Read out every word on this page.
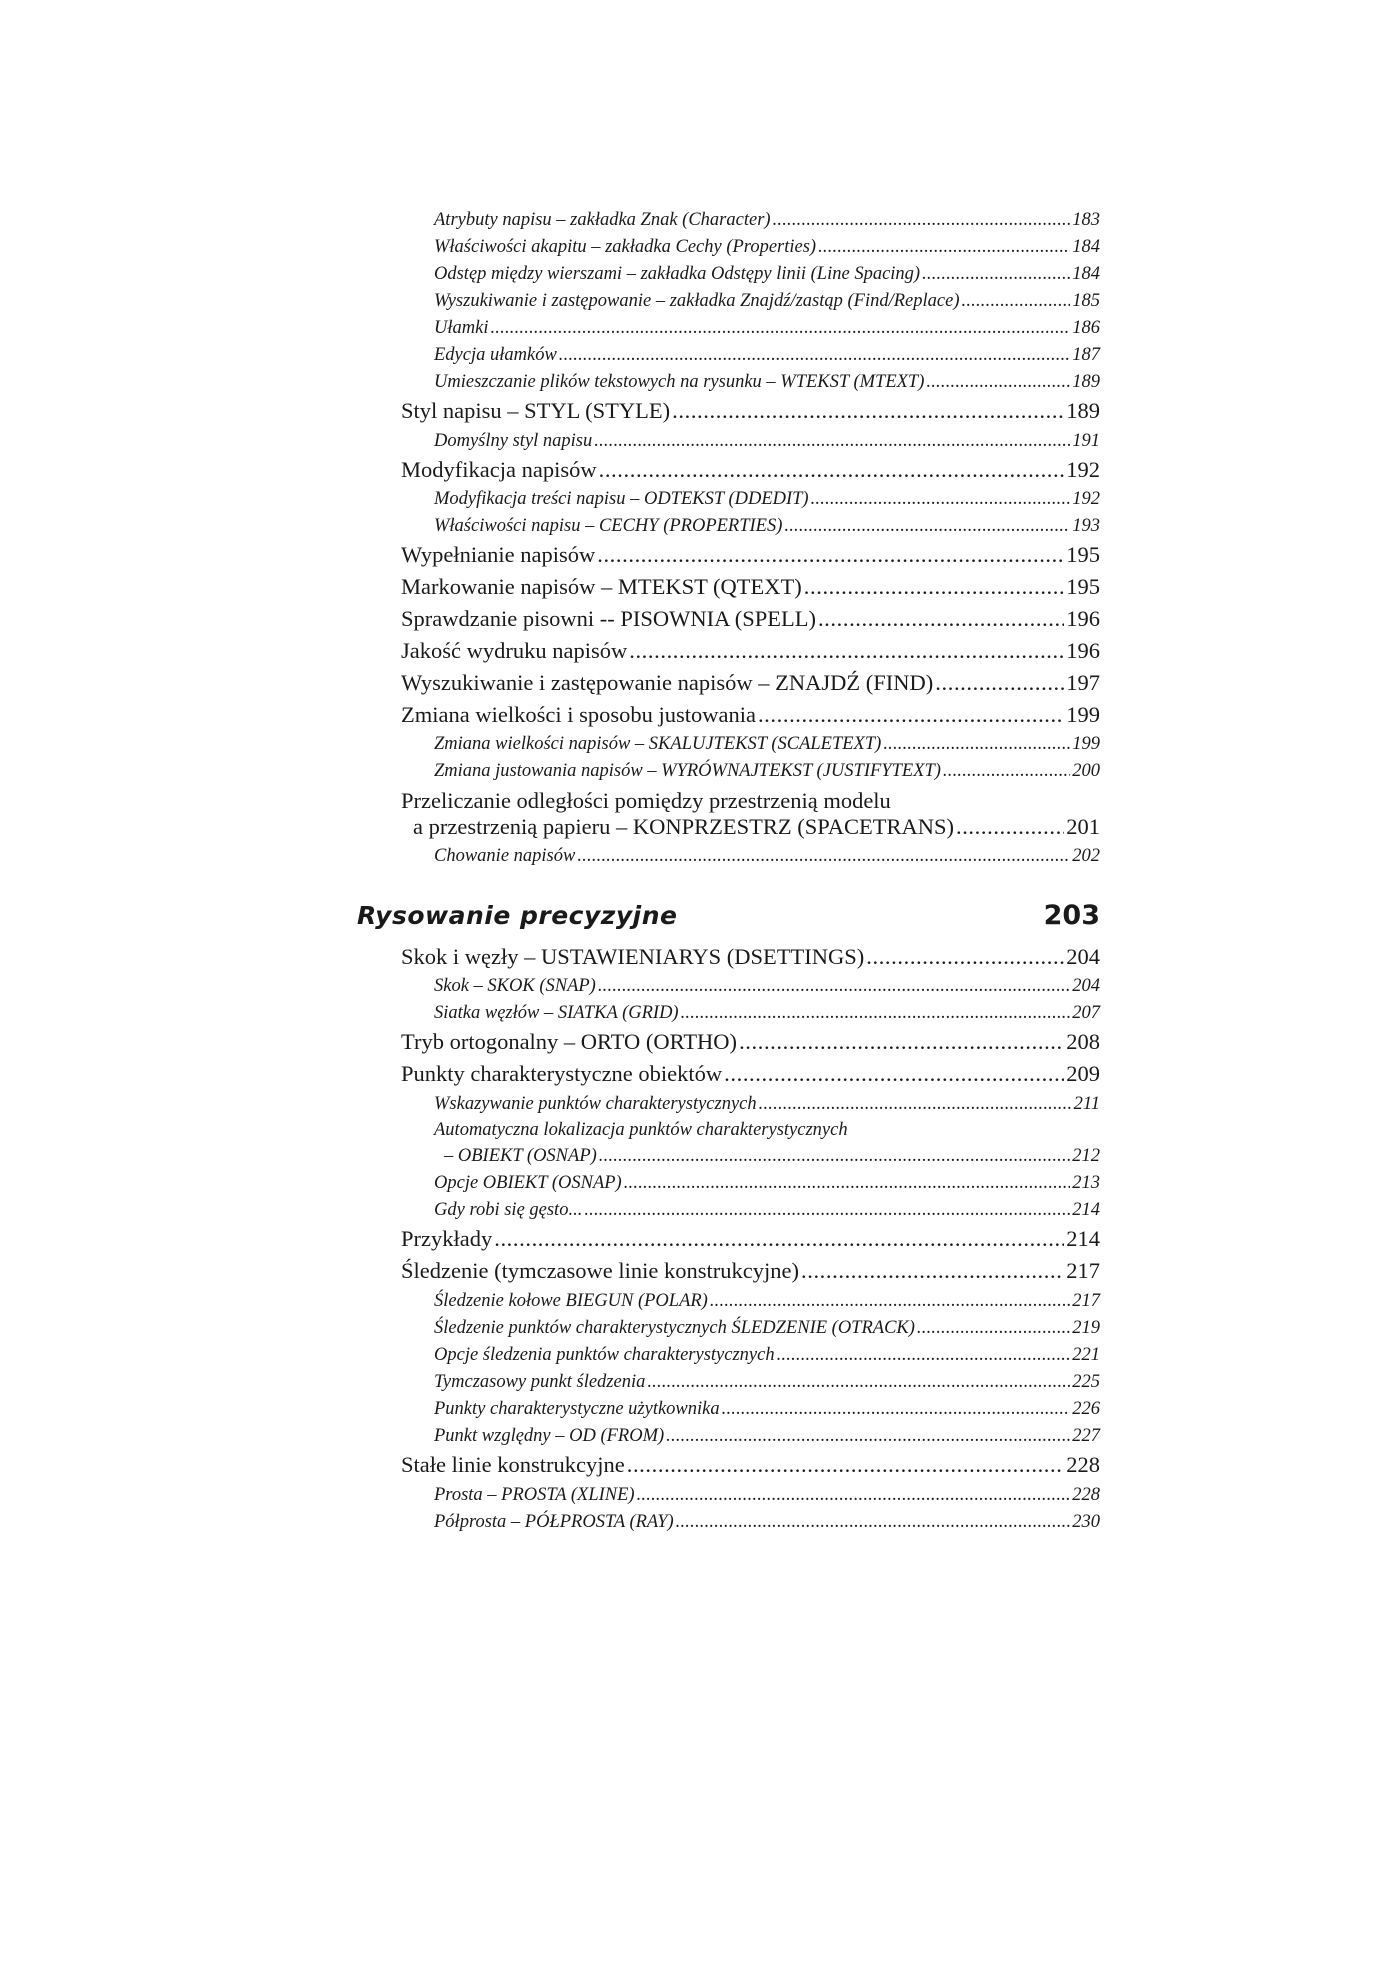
Rysowanie precyzyjne	203
Atrybuty napisu – zakładka Znak (Character) .....	183
Właściwości akapitu – zakładka Cechy (Properties) .....	184
Odstęp między wierszami – zakładka Odstępy linii (Line Spacing) .....	184
Wyszukiwanie i zastępowanie – zakładka Znajdź/zastąp (Find/Replace) .....	185
Ułamki .....	186
Edycja ułamków .....	187
Umieszczanie plików tekstowych na rysunku – WTEKST (MTEXT) .....	189
Styl napisu – STYL (STYLE) .....	189
Domyślny styl napisu .....	191
Modyfikacja napisów .....	192
Modyfikacja treści napisu – ODTEKST (DDEDIT) .....	192
Właściwości napisu – CECHY (PROPERTIES) .....	193
Wypełnianie napisów .....	195
Markowanie napisów – MTEKST (QTEXT) .....	195
Sprawdzanie pisowni -- PISOWNIA (SPELL) .....	196
Jakość wydruku napisów .....	196
Wyszukiwanie i zastępowanie napisów – ZNAJDŹ (FIND) .....	197
Zmiana wielkości i sposobu justowania .....	199
Zmiana wielkości napisów – SKALUJTEKST (SCALETEXT) .....	199
Zmiana justowania napisów – WYRÓWNAJTEKST (JUSTIFYTEXT) .....	200
Przeliczanie odległości pomiędzy przestrzenią modelu
a przestrzenią papieru – KONPRZESTRZ (SPACETRANS) .....	201
Chowanie napisów .....	202
Skok i węzły – USTAWIENIARYS (DSETTINGS) .....	204
Skok – SKOK (SNAP) .....	204
Siatka węzłów – SIATKA (GRID) .....	207
Tryb ortogonalny – ORTO (ORTHO) .....	208
Punkty charakterystyczne obiektów .....	209
Wskazywanie punktów charakterystycznych .....	211
Automatyczna lokalizacja punktów charakterystycznych
– OBIEKT (OSNAP) .....	212
Opcje OBIEKT (OSNAP) .....	213
Gdy robi się gęsto... .....	214
Przykłady .....	214
Śledzenie (tymczasowe linie konstrukcyjne) .....	217
Śledzenie kołowe BIEGUN (POLAR) .....	217
Śledzenie punktów charakterystycznych ŚLEDZENIE (OTRACK) .....	219
Opcje śledzenia punktów charakterystycznych .....	221
Tymczasowy punkt śledzenia .....	225
Punkty charakterystyczne użytkownika .....	226
Punkt względny – OD (FROM) .....	227
Stałe linie konstrukcyjne .....	228
Prosta – PROSTA (XLINE) .....	228
Półprosta – PÓŁPROSTA (RAY) .....	230
